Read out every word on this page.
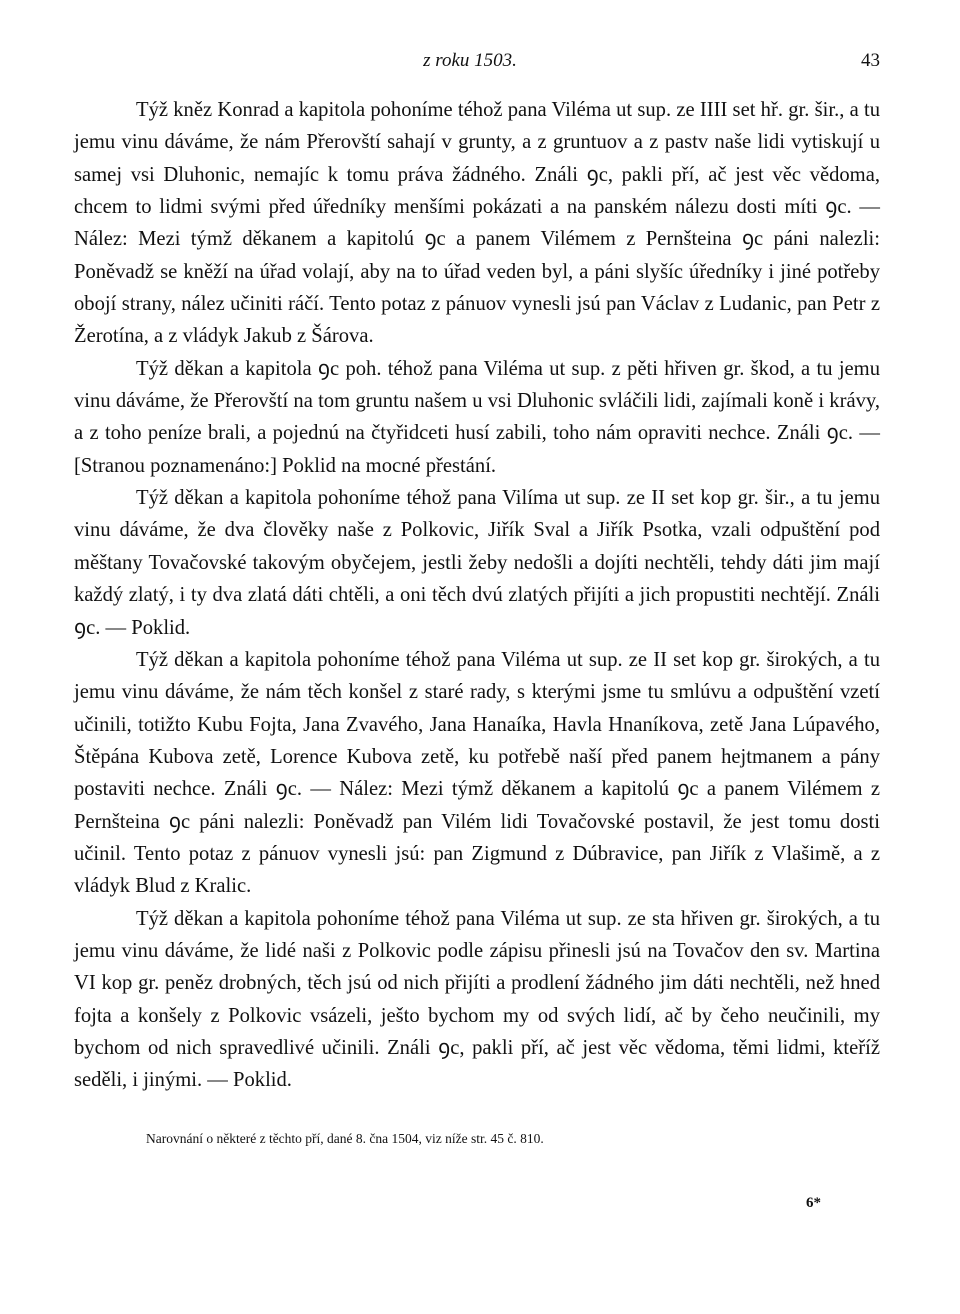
z roku 1503.	43

Týž kněz Konrad a kapitola pohoníme téhož pana Viléma ut sup. ze IIII set hř. gr. šir., a tu jemu vinu dáváme, že nám Přerovští sahají v grunty, a z gruntuov a z pastv naše lidi vytiskují u samej vsi Dluhonic, nemajíc k tomu práva žádného. Ználi ꝯc, pakli pří, ač jest věc vědoma, chcem to lidmi svými před úředníky menšími pokázati a na panském nálezu dosti míti ꝯc. — Nález: Mezi týmž děkanem a kapitolú ꝯc a panem Vilémem z Pernšteina ꝯc páni nalezli: Poněvadž se kněží na úřad volají, aby na to úřad veden byl, a páni slyšíc úředníky i jiné potřeby obojí strany, nález učiniti ráčí. Tento potaz z pánuov vynesli jsú pan Václav z Ludanic, pan Petr z Žerotína, a z vládyk Jakub z Šárova.

Týž děkan a kapitola ꝯc poh. téhož pana Viléma ut sup. z pěti hřiven gr. škod, a tu jemu vinu dáváme, že Přerovští na tom gruntu našem u vsi Dluhonic svláčili lidi, zajímali koně i krávy, a z toho peníze brali, a pojednú na čtyřidceti husí zabili, toho nám opraviti nechce. Ználi ꝯc. — [Stranou poznamenáno:] Poklid na mocné přestání.

Týž děkan a kapitola pohoníme téhož pana Vilíma ut sup. ze II set kop gr. šir., a tu jemu vinu dáváme, že dva člověky naše z Polkovic, Jiřík Sval a Jiřík Psotka, vzali odpuštění pod měštany Tovačovské takovým obyčejem, jestli žeby nedošli a dojíti nechtěli, tehdy dáti jim mají každý zlatý, i ty dva zlatá dáti chtěli, a oni těch dvú zlatých přijíti a jich propustiti nechtějí. Ználi ꝯc. — Poklid.

Týž děkan a kapitola pohoníme téhož pana Viléma ut sup. ze II set kop gr. širokých, a tu jemu vinu dáváme, že nám těch konšel z staré rady, s kterými jsme tu smlúvu a odpuštění vzetí učinili, totižto Kubu Fojta, Jana Zvavého, Jana Hanaíka, Havla Hnaníkova, zetě Jana Lúpavého, Štěpána Kubova zetě, Lorence Kubova zetě, ku potřebě naší před panem hejtmanem a pány postaviti nechce. Ználi ꝯc. — Nález: Mezi týmž děkanem a kapitolú ꝯc a panem Vilémem z Pernšteina ꝯc páni nalezli: Poněvadž pan Vilém lidi Tovačovské postavil, že jest tomu dosti učinil. Tento potaz z pánuov vynesli jsú: pan Zigmund z Dúbravice, pan Jiřík z Vlašimě, a z vládyk Blud z Kralic.

Týž děkan a kapitola pohoníme téhož pana Viléma ut sup. ze sta hřiven gr. širokých, a tu jemu vinu dáváme, že lidé naši z Polkovic podle zápisu přinesli jsú na Tovačov den sv. Martina VI kop gr. peněz drobných, těch jsú od nich přijíti a prodlení žádného jim dáti nechtěli, než hned fojta a konšely z Polkovic vsázeli, ješto bychom my od svých lidí, ač by čeho neučinili, my bychom od nich spravedlivé učinili. Ználi ꝯc, pakli pří, ač jest věc vědoma, těmi lidmi, kteříž seděli, i jinými. — Poklid.

Narovnání o některé z těchto pří, dané 8. čna 1504, viz níže str. 45 č. 810.
6*
